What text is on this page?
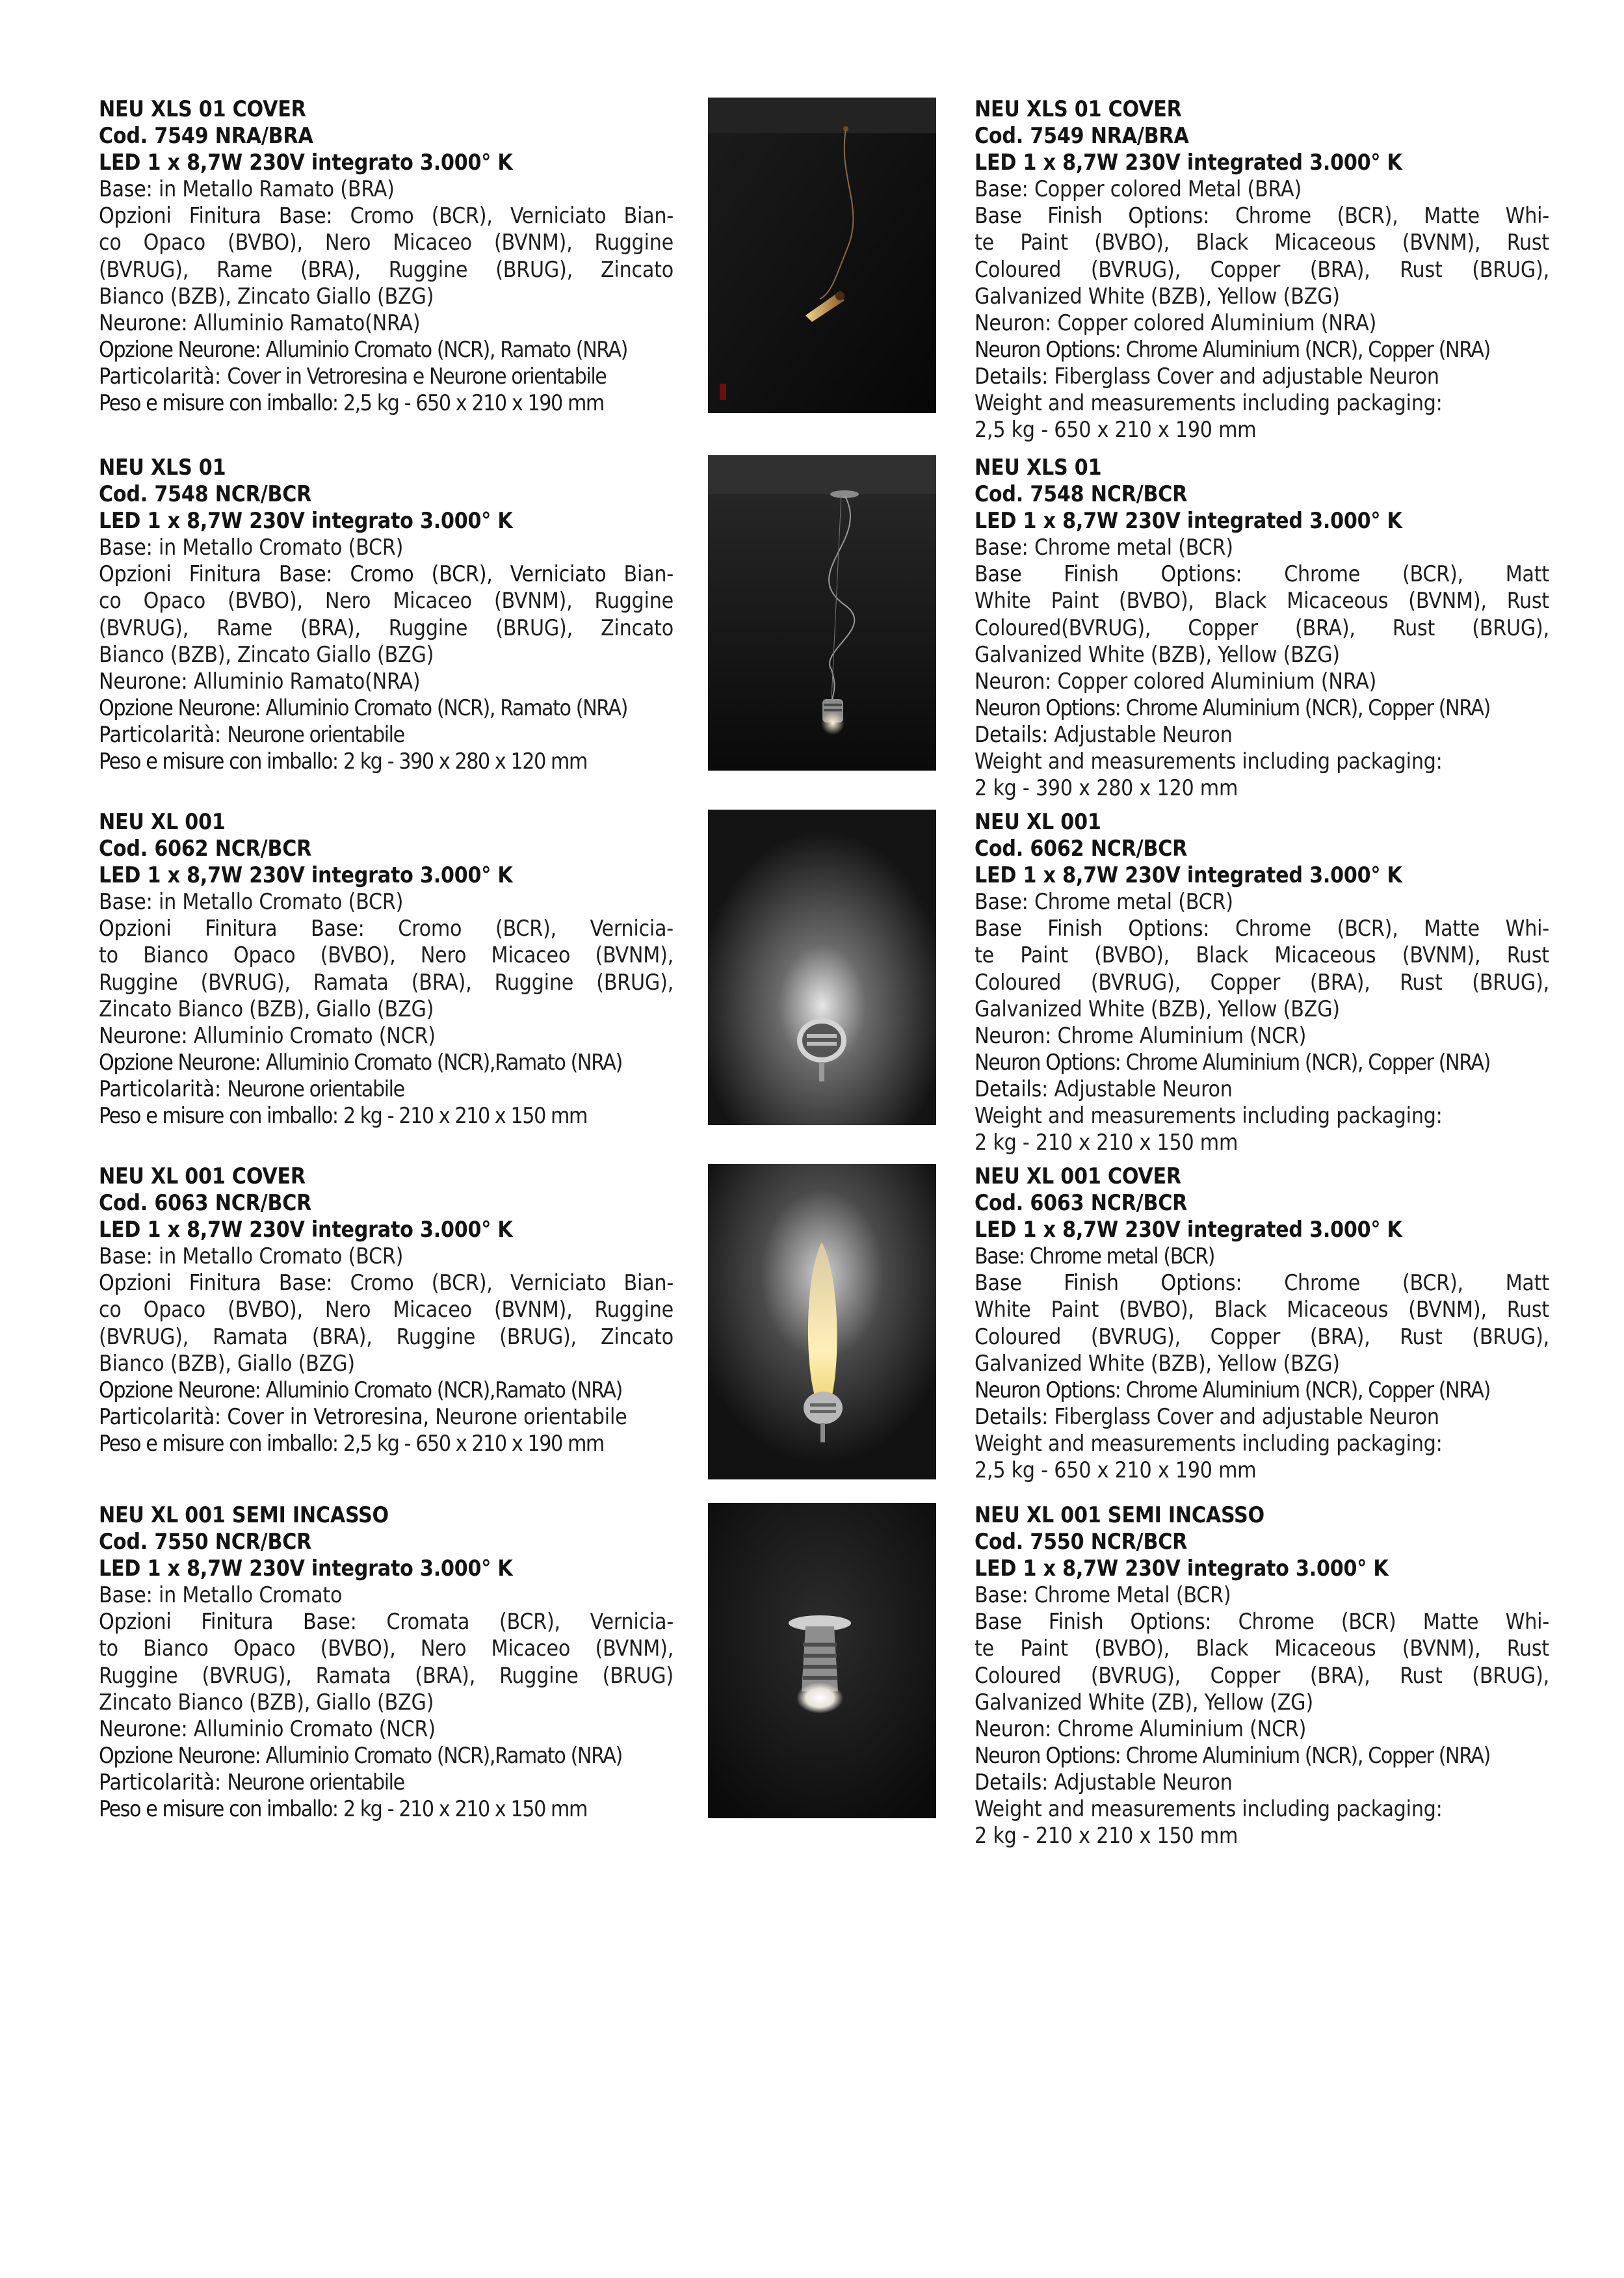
NEU XLS 01 COVER
Cod. 7549 NRA/BRA
LED 1 x 8,7W 230V integrato 3.000° K
Base: in Metallo Ramato (BRA)
Opzioni Finitura Base: Cromo (BCR), Verniciato Bian-
co Opaco (BVBO), Nero Micaceo (BVNM), Ruggine
(BVRUG), Rame (BRA), Ruggine (BRUG), Zincato
Bianco (BZB), Zincato Giallo (BZG)
Neurone: Alluminio Ramato(NRA)
Opzione Neurone: Alluminio Cromato (NCR), Ramato (NRA)
Particolarità: Cover in Vetroresina e Neurone orientabile
Peso e misure con imballo: 2,5 kg - 650 x 210 x 190 mm
NEU XLS 01 COVER
Cod. 7549 NRA/BRA
LED 1 x 8,7W 230V integrated 3.000° K
Base: Copper colored Metal (BRA)
Base Finish Options: Chrome (BCR), Matte Whi-
te Paint (BVBO), Black Micaceous (BVNM), Rust
Coloured (BVRUG), Copper (BRA), Rust (BRUG),
Galvanized White (BZB), Yellow (BZG)
Neuron: Copper colored Aluminium (NRA)
Neuron Options: Chrome Aluminium (NCR), Copper (NRA)
Details: Fiberglass Cover and adjustable Neuron
Weight and measurements including packaging:
2,5 kg - 650 x 210 x 190 mm
NEU XLS 01
Cod. 7548 NCR/BCR
LED 1 x 8,7W 230V integrato 3.000° K
Base: in Metallo Cromato (BCR)
Opzioni Finitura Base: Cromo (BCR), Verniciato Bian-
co Opaco (BVBO), Nero Micaceo (BVNM), Ruggine
(BVRUG), Rame (BRA), Ruggine (BRUG), Zincato
Bianco (BZB), Zincato Giallo (BZG)
Neurone: Alluminio Ramato(NRA)
Opzione Neurone: Alluminio Cromato (NCR), Ramato (NRA)
Particolarità: Neurone orientabile
Peso e misure con imballo: 2 kg - 390 x 280 x 120 mm
NEU XLS 01
Cod. 7548 NCR/BCR
LED 1 x 8,7W 230V integrated 3.000° K
Base: Chrome metal (BCR)
Base Finish Options: Chrome (BCR), Matt
White Paint (BVBO), Black Micaceous (BVNM), Rust
Coloured(BVRUG), Copper (BRA), Rust (BRUG),
Galvanized White (BZB), Yellow (BZG)
Neuron: Copper colored Aluminium (NRA)
Neuron Options: Chrome Aluminium (NCR), Copper (NRA)
Details: Adjustable Neuron
Weight and measurements including packaging:
2 kg - 390 x 280 x 120 mm
NEU XL 001
Cod. 6062 NCR/BCR
LED 1 x 8,7W 230V integrato 3.000° K
Base: in Metallo Cromato (BCR)
Opzioni Finitura Base: Cromo (BCR), Vernicia-
to Bianco Opaco (BVBO), Nero Micaceo (BVNM),
Ruggine (BVRUG), Ramata (BRA), Ruggine (BRUG),
Zincato Bianco (BZB), Giallo (BZG)
Neurone: Alluminio Cromato (NCR)
Opzione Neurone: Alluminio Cromato (NCR),Ramato (NRA)
Particolarità: Neurone orientabile
Peso e misure con imballo: 2 kg - 210 x 210 x 150 mm
NEU XL 001
Cod. 6062 NCR/BCR
LED 1 x 8,7W 230V integrated 3.000° K
Base: Chrome metal (BCR)
Base Finish Options: Chrome (BCR), Matte Whi-
te Paint (BVBO), Black Micaceous (BVNM), Rust
Coloured (BVRUG), Copper (BRA), Rust (BRUG),
Galvanized White (BZB), Yellow (BZG)
Neuron: Chrome Aluminium (NCR)
Neuron Options: Chrome Aluminium (NCR), Copper (NRA)
Details: Adjustable Neuron
Weight and measurements including packaging:
2 kg - 210 x 210 x 150 mm
NEU XL 001 COVER
Cod. 6063 NCR/BCR
LED 1 x 8,7W 230V integrato 3.000° K
Base: in Metallo Cromato (BCR)
Opzioni Finitura Base: Cromo (BCR), Verniciato Bian-
co Opaco (BVBO), Nero Micaceo (BVNM), Ruggine
(BVRUG), Ramata (BRA), Ruggine (BRUG), Zincato
Bianco (BZB), Giallo (BZG)
Opzione Neurone: Alluminio Cromato (NCR),Ramato (NRA)
Particolarità: Cover in Vetroresina, Neurone orientabile
Peso e misure con imballo: 2,5 kg - 650 x 210 x 190 mm
NEU XL 001 COVER
Cod. 6063 NCR/BCR
LED 1 x 8,7W 230V integrated 3.000° K
Base: Chrome metal (BCR)
Base Finish Options: Chrome (BCR), Matt
White Paint (BVBO), Black Micaceous (BVNM), Rust
Coloured (BVRUG), Copper (BRA), Rust (BRUG),
Galvanized White (BZB), Yellow (BZG)
Neuron Options: Chrome Aluminium (NCR), Copper (NRA)
Details: Fiberglass Cover and adjustable Neuron
Weight and measurements including packaging:
2,5 kg - 650 x 210 x 190 mm
NEU XL 001 SEMI INCASSO
Cod. 7550 NCR/BCR
LED 1 x 8,7W 230V integrato 3.000° K
Base: in Metallo Cromato
Opzioni Finitura Base: Cromata (BCR), Vernicia-
to Bianco Opaco (BVBO), Nero Micaceo (BVNM),
Ruggine (BVRUG), Ramata (BRA), Ruggine (BRUG)
Zincato Bianco (BZB), Giallo (BZG)
Neurone: Alluminio Cromato (NCR)
Opzione Neurone: Alluminio Cromato (NCR),Ramato (NRA)
Particolarità: Neurone orientabile
Peso e misure con imballo: 2 kg - 210 x 210 x 150 mm
NEU XL 001 SEMI INCASSO
Cod. 7550 NCR/BCR
LED 1 x 8,7W 230V integrato 3.000° K
Base: Chrome Metal (BCR)
Base Finish Options: Chrome (BCR) Matte Whi-
te Paint (BVBO), Black Micaceous (BVNM), Rust
Coloured (BVRUG), Copper (BRA), Rust (BRUG),
Galvanized White (ZB), Yellow (ZG)
Neuron: Chrome Aluminium (NCR)
Neuron Options: Chrome Aluminium (NCR), Copper (NRA)
Details: Adjustable Neuron
Weight and measurements including packaging:
2 kg - 210 x 210 x 150 mm
